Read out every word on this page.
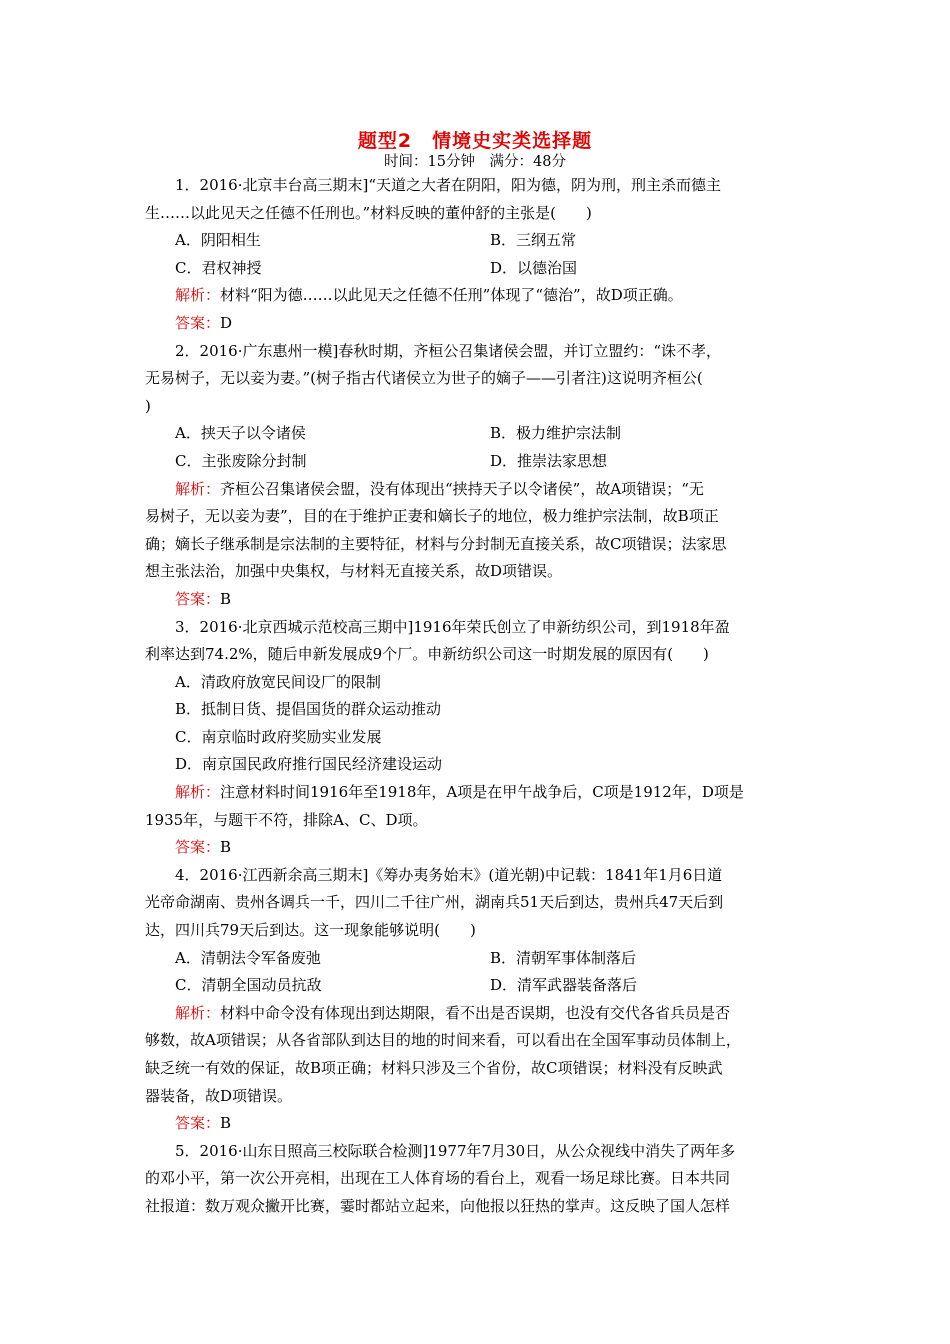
题型2　情境史实类选择题
时间：15分钟　满分：48分
1．2016·北京丰台高三期末]“天道之大者在阴阳，阳为德，阴为刑，刑主杀而德主
生……以此见天之任德不任刑也。”材料反映的董仲舒的主张是(　　)
A．阴阳相生	B．三纲五常
C．君权神授	D．以德治国
解析：材料“阳为德……以此见天之任德不任刑”体现了“德治”，故D项正确。
答案：D
2．2016·广东惠州一模]春秋时期，齐桓公召集诸侯会盟，并订立盟约：“诛不孝，
无易树子，无以妾为妻。”(树子指古代诸侯立为世子的嫡子——引者注)这说明齐桓公(
)
A．挟天子以令诸侯	B．极力维护宗法制
C．主张废除分封制	D．推崇法家思想
解析：齐桓公召集诸侯会盟，没有体现出“挟持天子以令诸侯”，故A项错误；“无
易树子，无以妾为妻”，目的在于维护正妻和嫡长子的地位，极力维护宗法制，故B项正
确；嫡长子继承制是宗法制的主要特征，材料与分封制无直接关系，故C项错误；法家思
想主张法治，加强中央集权，与材料无直接关系，故D项错误。
答案：B
3．2016·北京西城示范校高三期中]1916年荣氏创立了申新纺织公司，到1918年盈
利率达到74.2%，随后申新发展成9个厂。申新纺织公司这一时期发展的原因有(　　)
A．清政府放宽民间设厂的限制
B．抵制日货、提倡国货的群众运动推动
C．南京临时政府奖励实业发展
D．南京国民政府推行国民经济建设运动
解析：注意材料时间1916年至1918年，A项是在甲午战争后，C项是1912年，D项是
1935年，与题干不符，排除A、C、D项。
答案：B
4．2016·江西新余高三期末]《筹办夷务始末》(道光朝)中记载：1841年1月6日道
光帝命湖南、贵州各调兵一千，四川二千往广州，湖南兵51天后到达，贵州兵47天后到
达，四川兵79天后到达。这一现象能够说明(　　)
A．清朝法令军备废弛	B．清朝军事体制落后
C．清朝全国动员抗敌	D．清军武器装备落后
解析：材料中命令没有体现出到达期限，看不出是否误期，也没有交代各省兵员是否
够数，故A项错误；从各省部队到达目的地的时间来看，可以看出在全国军事动员体制上，
缺乏统一有效的保证，故B项正确；材料只涉及三个省份，故C项错误；材料没有反映武
器装备，故D项错误。
答案：B
5．2016·山东日照高三校际联合检测]1977年7月30日，从公众视线中消失了两年多
的邓小平，第一次公开亮相，出现在工人体育场的看台上，观看一场足球比赛。日本共同
社报道：数万观众撇开比赛，霎时都站立起来，向他报以狂热的掌声。这反映了国人怎样
